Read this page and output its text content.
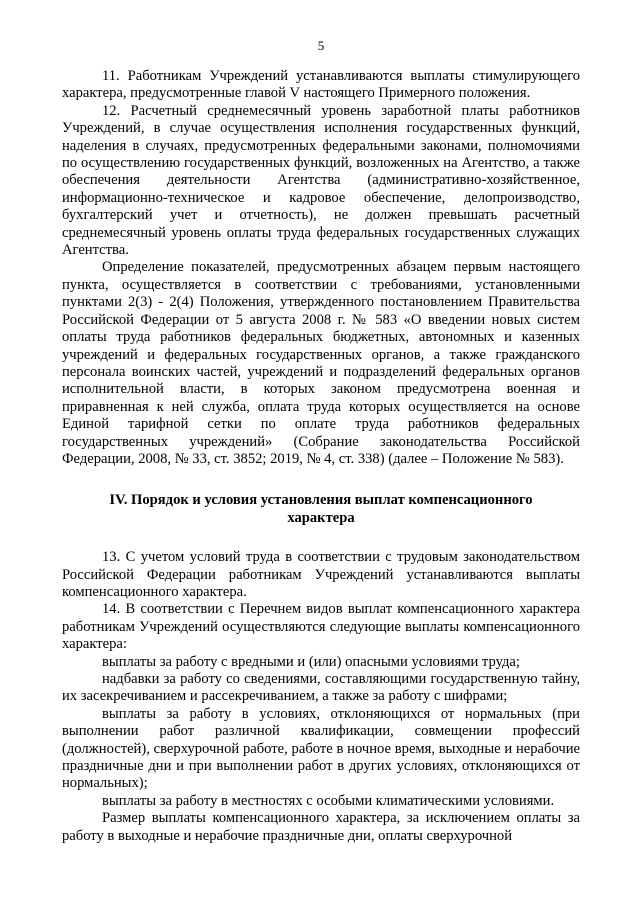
5

11. Работникам Учреждений устанавливаются выплаты стимулирующего характера, предусмотренные главой V настоящего Примерного положения.

12. Расчетный среднемесячный уровень заработной платы работников Учреждений, в случае осуществления исполнения государственных функций, наделения в случаях, предусмотренных федеральными законами, полномочиями по осуществлению государственных функций, возложенных на Агентство, а также обеспечения деятельности Агентства (административно-хозяйственное, информационно-техническое и кадровое обеспечение, делопроизводство, бухгалтерский учет и отчетность), не должен превышать расчетный среднемесячный уровень оплаты труда федеральных государственных служащих Агентства.

Определение показателей, предусмотренных абзацем первым настоящего пункта, осуществляется в соответствии с требованиями, установленными пунктами 2(3) - 2(4) Положения, утвержденного постановлением Правительства Российской Федерации от 5 августа 2008 г. № 583 «О введении новых систем оплаты труда работников федеральных бюджетных, автономных и казенных учреждений и федеральных государственных органов, а также гражданского персонала воинских частей, учреждений и подразделений федеральных органов исполнительной власти, в которых законом предусмотрена военная и приравненная к ней служба, оплата труда которых осуществляется на основе Единой тарифной сетки по оплате труда работников федеральных государственных учреждений» (Собрание законодательства Российской Федерации, 2008, № 33, ст. 3852; 2019, № 4, ст. 338) (далее – Положение № 583).

IV. Порядок и условия установления выплат компенсационного характера

13. С учетом условий труда в соответствии с трудовым законодательством Российской Федерации работникам Учреждений устанавливаются выплаты компенсационного характера.

14. В соответствии с Перечнем видов выплат компенсационного характера работникам Учреждений осуществляются следующие выплаты компенсационного характера:

выплаты за работу с вредными и (или) опасными условиями труда;

надбавки за работу со сведениями, составляющими государственную тайну, их засекречиванием и рассекречиванием, а также за работу с шифрами;

выплаты за работу в условиях, отклоняющихся от нормальных (при выполнении работ различной квалификации, совмещении профессий (должностей), сверхурочной работе, работе в ночное время, выходные и нерабочие праздничные дни и при выполнении работ в других условиях, отклоняющихся от нормальных);

выплаты за работу в местностях с особыми климатическими условиями.

Размер выплаты компенсационного характера, за исключением оплаты за работу в выходные и нерабочие праздничные дни, оплаты сверхурочной
